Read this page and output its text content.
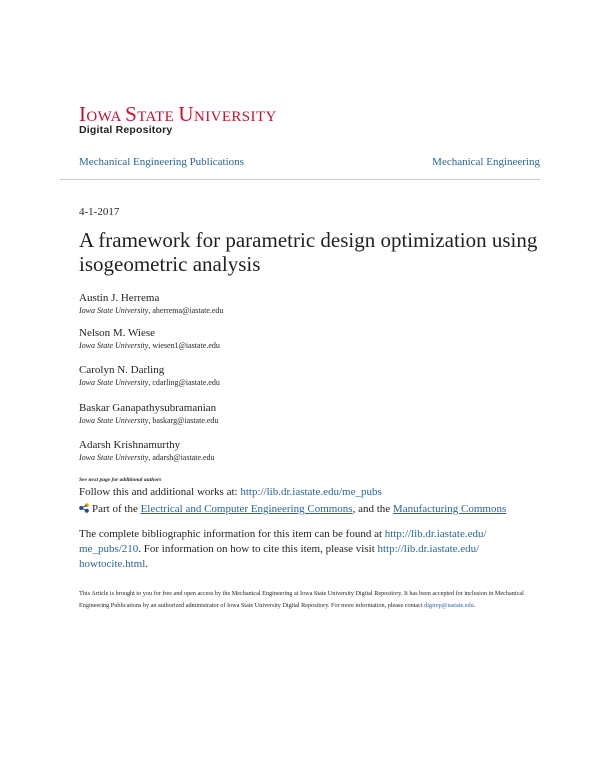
IOWA STATE UNIVERSITY
Digital Repository
Mechanical Engineering Publications	Mechanical Engineering
4-1-2017
A framework for parametric design optimization using isogeometric analysis
Austin J. Herrema
Iowa State University, aherrema@iastate.edu
Nelson M. Wiese
Iowa State University, wiesen1@iastate.edu
Carolyn N. Darling
Iowa State University, cdarling@iastate.edu
Baskar Ganapathysubramanian
Iowa State University, baskarg@iastate.edu
Adarsh Krishnamurthy
Iowa State University, adarsh@iastate.edu
See next page for additional authors
Follow this and additional works at: http://lib.dr.iastate.edu/me_pubs
Part of the Electrical and Computer Engineering Commons, and the Manufacturing Commons
The complete bibliographic information for this item can be found at http://lib.dr.iastate.edu/
me_pubs/210. For information on how to cite this item, please visit http://lib.dr.iastate.edu/
howtocite.html.
This Article is brought to you for free and open access by the Mechanical Engineering at Iowa State University Digital Repository. It has been accepted for inclusion in Mechanical Engineering Publications by an authorized administrator of Iowa State University Digital Repository. For more information, please contact digirep@iastate.edu.
